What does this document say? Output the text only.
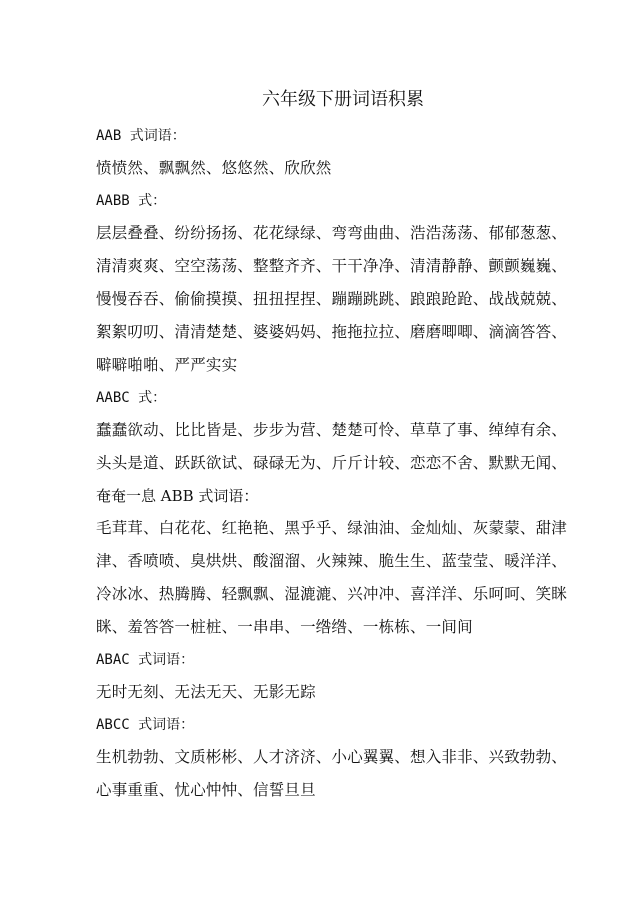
六年级下册词语积累
AAB 式词语：
愤愤然、飘飘然、悠悠然、欣欣然
AABB 式：
层层叠叠、纷纷扬扬、花花绿绿、弯弯曲曲、浩浩荡荡、郁郁葱葱、
清清爽爽、空空荡荡、整整齐齐、干干净净、清清静静、颤颤巍巍、
慢慢吞吞、偷偷摸摸、扭扭捏捏、蹦蹦跳跳、踉踉跄跄、战战兢兢、
絮絮叨叨、清清楚楚、婆婆妈妈、拖拖拉拉、磨磨唧唧、滴滴答答、
噼噼啪啪、严严实实
AABC 式：
蠢蠢欲动、比比皆是、步步为营、楚楚可怜、草草了事、绰绰有余、
头头是道、跃跃欲试、碌碌无为、斤斤计较、恋恋不舍、默默无闻、
奄奄一息 ABB 式词语：
毛茸茸、白花花、红艳艳、黑乎乎、绿油油、金灿灿、灰蒙蒙、甜津
津、香喷喷、臭烘烘、酸溜溜、火辣辣、脆生生、蓝莹莹、暖洋洋、
冷冰冰、热腾腾、轻飘飘、湿漉漉、兴冲冲、喜洋洋、乐呵呵、笑眯
眯、羞答答一桩桩、一串串、一绺绺、一栋栋、一间间
ABAC 式词语：
无时无刻、无法无天、无影无踪
ABCC 式词语：
生机勃勃、文质彬彬、人才济济、小心翼翼、想入非非、兴致勃勃、
心事重重、忧心忡忡、信誓旦旦
